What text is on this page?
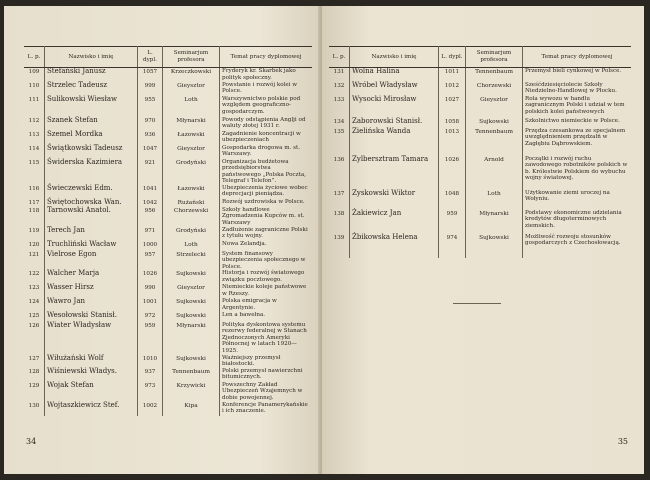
L. p.	Nazwisko i imię	L. dypl.	Seminarjum profesora	Temat pracy dyplomowej
109	Stefański Janusz	1057	Krzeczkowski	Fryderyk kr. Skarbek jako polityk społeczny.
110	Strzelec Tadeusz	999	Gieysztor	Powstanie i rozwój kolei w Polsce.
111	Sulikowski Wiesław	955	Loth	Warszywnictwo polskie pod względem geograficzno-gospodarczym.
112	Szanek Stefan	970	Młynarski	Powody odstąpienia Anglji od waluty złotej 1931 r.
113	Szemel Mordka	936	Łazowski	Zagadnienie koncentracji w ubezpieczeniach
114	Świątkowski Tadeusz	1047	Gieysztor	Gospodarka drogowa m. st. Warszawy.
115	Świderska Kazimiera	921	Grodyński	Organizacja budżetowa przedsiębiorstwa państwowego „Polska Poczta, Telegraf i Telefon”.
116	Świeczewski Edm.	1041	Łazowski	Ubezpieczenia życiowe wobec deprecjacji pieniądza.
117	Świętochowska Wan.	1042	Rużański	Rozwój uzdrowiska w Polsce.
118	Tarnowski Anatol.	956	Chorzewski	Szkoły handlowe Zgromadzenia Kupców m. st. Warszawy
119	Terech Jan	971	Grodyński	Zadłużenie zagraniczne Polski z tytułu wojny.
120	Truchliński Wacław	1000	Loth	Nowa Zelandja.
121	Vielrose Egon	957	Strzelecki	System finansowy ubezpieczenia społecznego w Polsce.
122	Walcher Marja	1026	Sujkowski	Historja i rozwój światowego związku pocztowego.
123	Wasser Hirsz	990	Gieysztor	Niemieckie koleje państwowe w Rzeszy.
124	Wawro Jan	1001	Sujkowski	Polska emigracja w Argentynie.
125	Wesołowski Stanisł.	972	Sujkowski	Len a bawełna.
126	Wiater Władysław	959	Młynarski	Polityka dyskontowa systemu rezerwy federalnej w Stanach Zjednoczonych Ameryki Północnej w latach 1920—1925.
127	Wiłużański Wolf	1010	Sujkowski	Ważniejszy przemysł białostocki.
128	Wiśniewski Władys.	937	Tennenbaum	Polski przemysł nawierzchni bitumicznych.
129	Wojak Stefan	973	Krzywicki	Powszechny Zakład Ubezpieczeń Wzajemnych w dobie powojennej.
130	Wojtaszkiewicz Stef.	1002	Kipa	Konferencje Panamerykańskie i ich znaczenie.
34
L. p.	Nazwisko i imię	L. dypl.	Seminarjum profesora	Temat pracy dyplomowej
131	Wolna Halina	1011	Tennenbaum	Przemysł bieli cynkowej w Polsce.
132	Wróbel Władysław	1012	Chorzewski	Sześćdziesięciolecie Szkoły Niedzielno-Handlowej w Płocku.
133	Wysocki Mirosław	1027	Gieysztor	Rola wywozu w handlu zagranicznym Polski i udział w tem polskich kolei państwowych
134	Zaborowski Stanisł.	1058	Sujkowski	Szkolnictwo niemieckie w Polsce.
135	Zielińska Wanda	1013	Tennenbaum	Przędza czesankowa ze specjalnem uwzględnieniem przędzalń w Zagłębiu Dąbrowskiem.
136	Zylbersztram Tamara	1026	Arnold	Początki i rozwój ruchu zawodowego robotników polskich w b. Królestwie Polskiem do wybuchu wojny światowej.
137	Zyskowski Wiktor	1048	Loth	Użytkowanie ziemi uroczej na Wołyniu.
138	Żakiewicz Jan	959	Młynarski	Podstawy ekonomiczne udzielania kredytów długoterminowych ziemskich.
139	Żbikowska Helena	974	Sujkowski	Możliwość rozwoju stosunków gospodarczych z Czechosłowacją.
35
